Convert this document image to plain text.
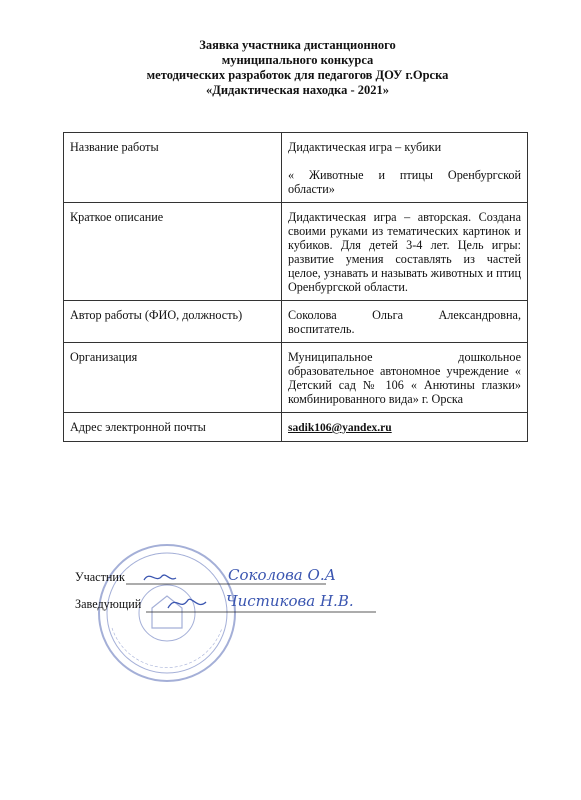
Заявка участника дистанционного
муниципального конкурса
методических разработок для педагогов ДОУ г.Орска
«Дидактическая находка - 2021»
Название работы	Дидактическая игра – кубики

« Животные и птицы Оренбургской области»

Краткое описание	Дидактическая игра – авторская. Создана своими руками из тематических картинок и кубиков. Для детей 3-4 лет. Цель игры: развитие умения составлять из частей целое, узнавать и называть животных и птиц Оренбургской области.
Автор работы (ФИО, должность)	Соколова Ольга Александровна, воспитатель.
Организация	Муниципальное дошкольное образовательное автономное учреждение « Детский сад № 106 « Анютины глазки» комбинированного вида» г. Орска
Адрес электронной почты	sadik106@yandex.ru
Участник	Соколова О.А
Заведующий	Чистикова Н.В.
